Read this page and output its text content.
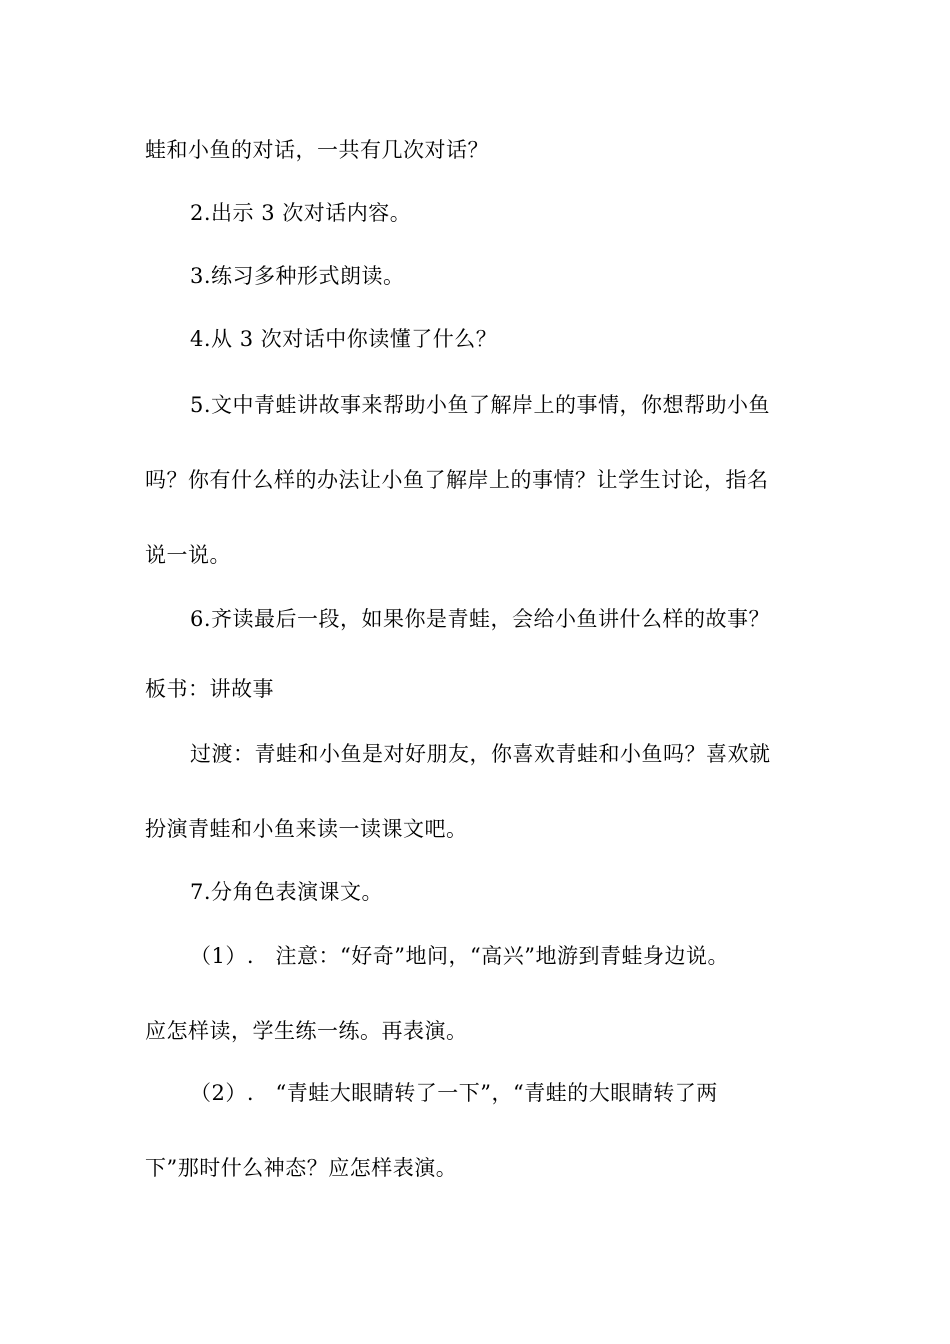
蛙和小鱼的对话，一共有几次对话？
2.出示 3 次对话内容。
3.练习多种形式朗读。
4.从 3 次对话中你读懂了什么？
5.文中青蛙讲故事来帮助小鱼了解岸上的事情，你想帮助小鱼
吗？你有什么样的办法让小鱼了解岸上的事情？让学生讨论，指名
说一说。
6.齐读最后一段，如果你是青蛙，会给小鱼讲什么样的故事？
板书：讲故事
过渡：青蛙和小鱼是对好朋友，你喜欢青蛙和小鱼吗？喜欢就
扮演青蛙和小鱼来读一读课文吧。
7.分角色表演课文。
（1）.　注意：“好奇”地问，“高兴”地游到青蛙身边说。
应怎样读，学生练一练。再表演。
（2）.　“青蛙大眼睛转了一下”，“青蛙的大眼睛转了两
下”那时什么神态？应怎样表演。
